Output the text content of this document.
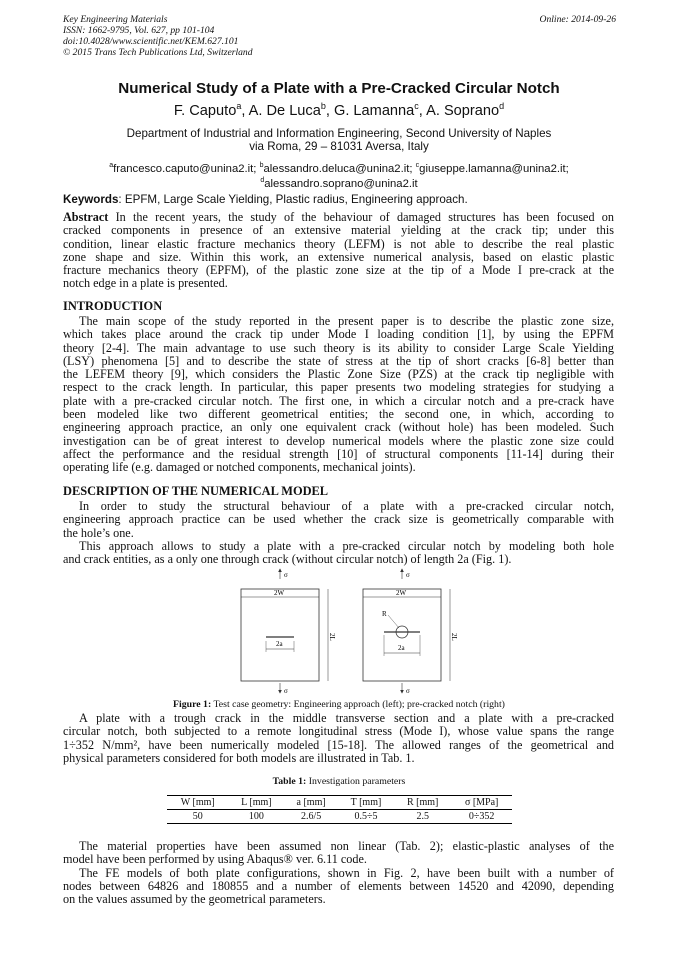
Key Engineering Materials
ISSN: 1662-9795, Vol. 627, pp 101-104
doi:10.4028/www.scientific.net/KEM.627.101
© 2015 Trans Tech Publications Ltd, Switzerland
Online: 2014-09-26
Numerical Study of a Plate with a Pre-Cracked Circular Notch
F. Caputo$^a$, A. De Luca$^b$, G. Lamanna$^c$, A. Soprano$^d$
Department of Industrial and Information Engineering, Second University of Naples
via Roma, 29 – 81031 Aversa, Italy
$^a$francesco.caputo@unina2.it; $^b$alessandro.deluca@unina2.it; $^c$giuseppe.lamanna@unina2.it;
$^d$alessandro.soprano@unina2.it
Keywords: EPFM, Large Scale Yielding, Plastic radius, Engineering approach.
Abstract In the recent years, the study of the behaviour of damaged structures has been focused on
cracked components in presence of an extensive material yielding at the crack tip; under this
condition, linear elastic fracture mechanics theory (LEFM) is not able to describe the real plastic
zone shape and size. Within this work, an extensive numerical analysis, based on elastic plastic
fracture mechanics theory (EPFM), of the plastic zone size at the tip of a Mode I pre-crack at the
notch edge in a plate is presented.
INTRODUCTION
The main scope of the study reported in the present paper is to describe the plastic zone size,
which takes place around the crack tip under Mode I loading condition [1], by using the EPFM
theory [2-4]. The main advantage to use such theory is its ability to consider Large Scale Yielding
(LSY) phenomena [5] and to describe the state of stress at the tip of short cracks [6-8] better than
the LEFEM theory [9], which considers the Plastic Zone Size (PZS) at the crack tip negligible with
respect to the crack length. In particular, this paper presents two modeling strategies for studying a
plate with a pre-cracked circular notch. The first one, in which a circular notch and a pre-crack have
been modeled like two different geometrical entities; the second one, in which, according to
engineering approach practice, an only one equivalent crack (without hole) has been modeled. Such
investigation can be of great interest to develop numerical models where the plastic zone size could
affect the performance and the residual strength [10] of structural components [11-14] during their
operating life (e.g. damaged or notched components, mechanical joints).
DESCRIPTION OF THE NUMERICAL MODEL
In order to study the structural behaviour of a plate with a pre-cracked circular notch,
engineering approach practice can be used whether the crack size is geometrically comparable with
the hole’s one.
This approach allows to study a plate with a pre-cracked circular notch by modeling both hole
and crack entities, as a only one through crack (without circular notch) of length 2a (Fig. 1).
σ
σ
2W
2L
2a
σ
σ
2W
2L
R
2a
Figure 1: Test case geometry: Engineering approach (left); pre-cracked notch (right)
A plate with a trough crack in the middle transverse section and a plate with a pre-cracked
circular notch, both subjected to a remote longitudinal stress (Mode I), whose value spans the range
1÷352 N/mm², have been numerically modeled [15-18]. The allowed ranges of the geometrical and
physical parameters considered for both models are illustrated in Tab. 1.
Table 1: Investigation parameters
W [mm]	L [mm]	a [mm]	T [mm]	R [mm]	σ [MPa]
50	100	2.6/5	0.5÷5	2.5	0÷352
The material properties have been assumed non linear (Tab. 2); elastic-plastic analyses of the
model have been performed by using Abaqus® ver. 6.11 code.
The FE models of both plate configurations, shown in Fig. 2, have been built with a number of
nodes between 64826 and 180855 and a number of elements between 14520 and 42090, depending
on the values assumed by the geometrical parameters.
